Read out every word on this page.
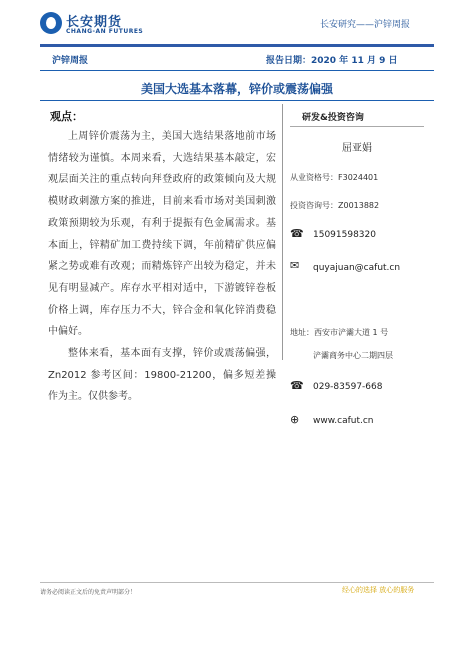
长安期货
CHANG-AN FUTURES
长安研究——沪锌周报
沪锌周报	报告日期：2020 年 11 月 9 日
美国大选基本落幕，锌价或震荡偏强
观点：

上周锌价震荡为主，美国大选结果落地前市场情绪较为谨慎。本周来看，大选结果基本敲定，宏观层面关注的重点转向拜登政府的政策倾向及大规模财政刺激方案的推进，目前来看市场对美国刺激政策预期较为乐观，有利于提振有色金属需求。基本面上，锌精矿加工费持续下调，年前精矿供应偏紧之势或难有改观；而精炼锌产出较为稳定，并未见有明显减产。库存水平相对适中，下游镀锌卷板价格上调，库存压力不大，锌合金和氧化锌消费稳中偏好。

整体来看，基本面有支撑，锌价或震荡偏强，Zn2012 参考区间：19800-21200，偏多短差操作为主。仅供参考。

研发&投资咨询
屈亚娟
从业资格号：F3024401
投资咨询号：Z0013882
☎ 15091598320
✉ quyajuan@cafut.cn
地址：西安市浐灞大道 1 号
浐灞商务中心二期四层
☎ 029-83597-668
⊕ www.cafut.cn
请务必阅读正文后的免责声明部分！	经心的选择 放心的服务
